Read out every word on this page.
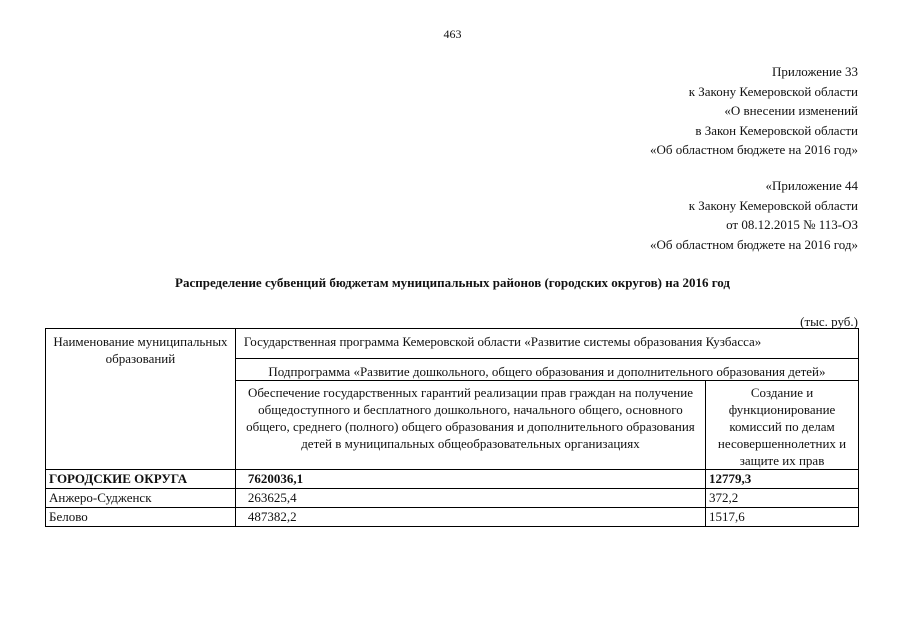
463
Приложение 33
к Закону Кемеровской области
«О внесении изменений
в Закон Кемеровской области
«Об областном бюджете на 2016 год»
«Приложение 44
к Закону Кемеровской области
от 08.12.2015 № 113-ОЗ
«Об областном бюджете на 2016 год»
Распределение субвенций бюджетам муниципальных районов (городских округов) на 2016 год
(тыс. руб.)
Наименование муниципальных образований	Государственная программа Кемеровской области «Развитие системы образования Кузбасса»	
	Подпрограмма «Развитие дошкольного, общего образования и дополнительного образования детей»	
	Обеспечение государственных гарантий реализации прав граждан на получение общедоступного и бесплатного дошкольного, начального общего, основного общего, среднего (полного) общего образования и дополнительного образования детей в муниципальных общеобразовательных организациях	Создание и функционирование комиссий по делам несовершеннолетних и защите их прав
ГОРОДСКИЕ ОКРУГА	7620036,1	12779,3
Анжеро-Судженск	263625,4	372,2
Белово	487382,2	1517,6
